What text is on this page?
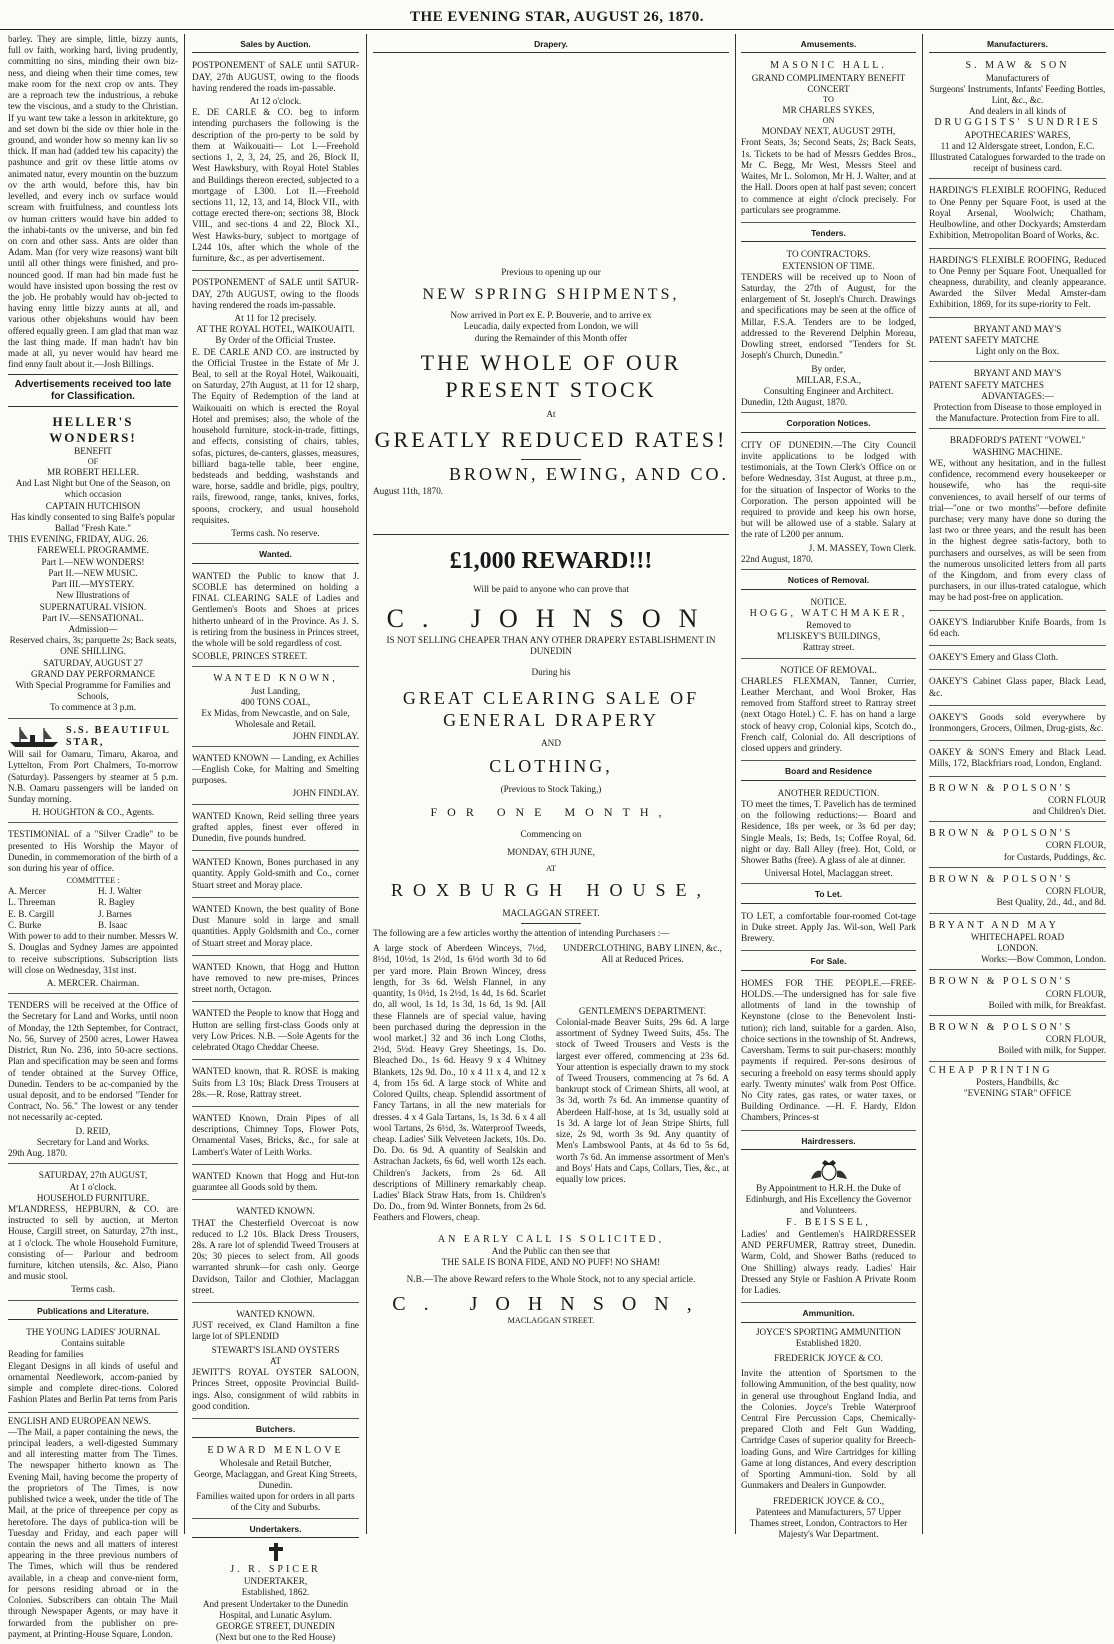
THE EVENING STAR, AUGUST 26, 1870.

barley. They are simple, little, bizzy aunts, full ov faith, working hard, living prudently, committing no sins, minding their own biz-ness, and dieing when their time comes, tew make room for the next crop ov ants. They are a reproach tew the industrious, a rebuke tew the viscious, and a study to the Christian. If yu want tew take a lesson in arkitekture, go and set down bi the side ov thier hole in the ground, and wonder how so menny kan liv so thick. If man had (added tew his capacity) the pashunce and grit ov these little atoms ov animated natur, every mountin on the buzzum ov the arth would, before this, hav bin levelled, and every inch ov surface would scream with fruitfulness, and countless lots ov human critters would have bin added to the inhabi-tants ov the universe, and bin fed on corn and other sass. Ants are older than Adam. Man (for very wize reasons) want bilt until all other things were finished, and pro-nounced good. If man had bin made fust he would have insisted upon bossing the rest ov the job. He probably would hav ob-jected to having enny little bizzy aunts at all, and various other objekshuns would hav been offered equally green. I am glad that man waz the last thing made. If man hadn't hav bin made at all, yu never would hav heard me find enny fault about it.—Josh Billings.

Advertisements received too late for Classification.
HELLER'S WONDERS!
BENEFIT
OF
MR ROBERT HELLER.
And Last Night but One of the Season, on which occasion
CAPTAIN HUTCHISON
Has kindly consented to sing Balfe's popular Ballad "Fresh Kate."
THIS EVENING, FRIDAY, AUG. 26.
FAREWELL PROGRAMME.
Part I.—NEW WONDERS!
Part II.—NEW MUSIC.
Part III.—MYSTERY.
New Illustrations of
SUPERNATURAL VISION.
Part IV.—SENSATIONAL.
Admission—
Reserved chairs, 3s; parquette 2s; Back seats, ONE SHILLING.
SATURDAY, AUGUST 27
GRAND DAY PERFORMANCE
With Special Programme for Families and Schools,
To commence at 3 p.m.
S.S. BEAUTIFUL STAR,

Will sail for Oamaru, Timaru, Akaroa, and Lyttelton, From Port Chalmers, To-morrow (Saturday). Passengers by steamer at 5 p.m. N.B. Oamaru passengers will be landed on Sunday morning.

H. HOUGHTON & CO., Agents.

TESTIMONIAL of a "Silver Cradle" to be presented to His Worship the Mayor of Dunedin, in commemoration of the birth of a son during his year of office.

COMMITTEE :
A. Mercer
L. Threeman
E. B. Cargill
C. Burke
H. J. Walter
R. Bagley
J. Barnes
B. Isaac

With power to add to their number. Messrs W. S. Douglas and Sydney James are appointed to receive subscriptions. Subscription lists will close on Wednesday, 31st inst.

A. MERCER. Chairman.

TENDERS will be received at the Office of the Secretary for Land and Works, until noon of Monday, the 12th September, for Contract, No. 56, Survey of 2500 acres, Lower Hawea District, Run No. 236, into 50-acre sections. Plan and specification may be seen and forms of tender obtained at the Survey Office, Dunedin. Tenders to be ac-companied by the usual deposit, and to be endorsed "Tender for Contract, No. 56." The lowest or any tender not necessarily ac-cepted.

D. REID,
Secretary for Land and Works.
29th Aug. 1870.
SATURDAY, 27th AUGUST,
At 1 o'clock.
HOUSEHOLD FURNITURE.

M'LANDRESS, HEPBURN, & CO. are instructed to sell by auction, at Merton House, Cargill street, on Saturday, 27th inst., at 1 o'clock. The whole Household Furniture, consisting of— Parlour and bedroom furniture, kitchen utensils, &c. Also, Piano and music stool.

Terms cash.
Publications and Literature.
THE YOUNG LADIES' JOURNAL
Contains suitable
Reading for families

Elegant Designs in all kinds of useful and ornamental Needlework, accom-panied by simple and complete direc-tions. Colored Fashion Plates and Berlin Pat terns from Paris

ENGLISH AND EUROPEAN NEWS.

—The Mail, a paper containing the news, the principal leaders, a well-digested Summary and all interesting matter from The Times. The newspaper hitherto known as The Evening Mail, having become the property of the proprietors of The Times, is now published twice a week, under the title of The Mail, at the price of threepence per copy as heretofore. The days of publica-tion will be Tuesday and Friday, and each paper will contain the news and all matters of interest appearing in the three previous numbers of The Times, which will thus be rendered available, in a cheap and conve-nient form, for persons residing abroad or in the Colonies. Subscribers can obtain The Mail through Newspaper Agents, or may have it forwarded from the publisher on pre-payment, at Printing-House Square, London.

Sales by Auction.

POSTPONEMENT of SALE until SATUR-DAY, 27th AUGUST, owing to the floods having rendered the roads im-passable.

At 12 o'clock.

E. DE CARLE & CO. beg to inform intending purchasers the following is the description of the pro-perty to be sold by them at Waikouaiti— Lot I.—Freehold sections 1, 2, 3, 24, 25, and 26, Block II, West Hawksbury, with Royal Hotel Stables and Buildings thereon erected, subjected to a mortgage of L300. Lot II.—Freehold sections 11, 12, 13, and 14, Block VII., with cottage erected there-on; sections 38, Block VIII., and sec-tions 4 and 22, Block XI., West Hawks-bury, subject to mortgage of L244 10s, after which the whole of the furniture, &c., as per advertisement.

POSTPONEMENT of SALE until SATUR-DAY, 27th AUGUST, owing to the floods having rendered the roads im-passable.

At 11 for 12 precisely.
AT THE ROYAL HOTEL, WAIKOUAITI.
By Order of the Official Trustee.

E. DE CARLE AND CO. are instructed by the Official Trustee in the Estate of Mr J. Beal, to sell at the Royal Hotel, Waikouaiti, on Saturday, 27th August, at 11 for 12 sharp, The Equity of Redemption of the land at Waikouaiti on which is erected the Royal Hotel and premises; also, the whole of the household furniture, stock-in-trade, fittings, and effects, consisting of chairs, tables, sofas, pictures, de-canters, glasses, measures, billiard baga-telle table, beer engine, bedsteads and bedding, washstands and ware, horse, saddle and bridle, pigs, poultry, rails, firewood, range, tanks, knives, forks, spoons, crockery, and usual household requisites.

Terms cash. No reserve.
Wanted.

WANTED the Public to know that J. SCOBLE has determined on holding a FINAL CLEARING SALE of Ladies and Gentlemen's Boots and Shoes at prices hitherto unheard of in the Province. As J. S. is retiring from the business in Princes street, the whole will be sold regardless of cost.

SCOBLE, PRINCES STREET.
WANTED KNOWN,
Just Landing,
400 TONS COAL,
Ex Midas, from Newcastle, and on Sale, Wholesale and Retail.
JOHN FINDLAY.

WANTED KNOWN — Landing, ex Achilles—English Coke, for Malting and Smelting purposes.

JOHN FINDLAY.

WANTED Known, Reid selling three years grafted apples, finest ever offered in Dunedin, five pounds hundred.

WANTED Known, Bones purchased in any quantity. Apply Gold-smith and Co., corner Stuart street and Moray place.

WANTED Known, the best quality of Bone Dust Manure sold in large and small quantities. Apply Goldsmith and Co., corner of Stuart street and Moray place.

WANTED Known, that Hogg and Hutton have removed to new pre-mises, Princes street north, Octagon.

WANTED the People to know that Hogg and Hutton are selling first-class Goods only at very Low Prices. N.B. —Sole Agents for the celebrated Otago Cheddar Cheese.

WANTED known, that R. ROSE is making Suits from L3 10s; Black Dress Trousers at 28s.—R. Rose, Rattray street.

WANTED Known, Drain Pipes of all descriptions, Chimney Tops, Flower Pots, Ornamental Vases, Bricks, &c., for sale at Lambert's Water of Leith Works.

WANTED Known that Hogg and Hut-ton guarantee all Goods sold by them.

WANTED KNOWN.

THAT the Chesterfield Overcoat is now reduced to L2 10s. Black Dress Trousers, 28s. A rare lot of splendid Tweed Trousers at 20s; 30 pieces to select from. All goods warranted shrunk—for cash only. George Davidson, Tailor and Clothier, Maclaggan street.

WANTED KNOWN.

JUST received, ex Cland Hamilton a fine large lot of SPLENDID

STEWART'S ISLAND OYSTERS
AT

JEWITT'S ROYAL OYSTER SALOON, Princes Street, opposite Provincial Build-ings. Also, consignment of wild rabbits in good condition.

Butchers.
EDWARD MENLOVE
Wholesale and Retail Butcher,
George, Maclaggan, and Great King Streets, Dunedin.
Families waited upon for orders in all parts of the City and Suburbs.
Undertakers.
J. R. SPICER
UNDERTAKER,
Established, 1862.
And present Undertaker to the Dunedin Hospital, and Lunatic Asylum.
GEORGE STREET, DUNEDIN
(Next but one to the Red House)
Drapery.
Previous to opening up our
NEW SPRING SHIPMENTS,
Now arrived in Port ex E. P. Bouverie, and to arrive ex
Leucadia, daily expected from London, we will
during the Remainder of this Month offer
THE WHOLE OF OUR PRESENT STOCK
At
GREATLY REDUCED RATES!
BROWN, EWING, AND CO.
August 11th, 1870.
£1,000 REWARD!!!
Will be paid to anyone who can prove that
C. JOHNSON
IS NOT SELLING CHEAPER THAN ANY OTHER DRAPERY ESTABLISHMENT IN DUNEDIN
During his
GREAT CLEARING SALE OF GENERAL DRAPERY
AND
CLOTHING,
(Previous to Stock Taking,)
FOR ONE MONTH,
Commencing on
MONDAY, 6TH JUNE,
AT
ROXBURGH HOUSE,
MACLAGGAN STREET.
The following are a few articles worthy the attention of intending Purchasers :—

A large stock of Aberdeen Winceys, 7½d, 8½d, 10½d, 1s 2½d, 1s 6½d worth 3d to 6d per yard more. Plain Brown Wincey, dress length, for 3s 6d. Welsh Flannel, in any quantity, 1s 0½d, 1s 2½d, 1s 4d, 1s 6d. Scarlet do, all wool, 1s 1d, 1s 3d, 1s 6d, 1s 9d. [All these Flannels are of special value, having been purchased during the depression in the wool market.] 32 and 36 inch Long Cloths, 2½d, 5½d. Heavy Grey Sheetings, 1s. Do. Bleached Do., 1s 6d. Heavy 9 x 4 Whitney Blankets, 12s 9d. Do., 10 x 4 11 x 4, and 12 x 4, from 15s 6d. A large stock of White and Colored Quilts, cheap. Splendid assortment of Fancy Tartans, in all the new materials for dresses. 4 x 4 Gala Tartans, 1s, 1s 3d. 6 x 4 all wool Tartans, 2s 6½d, 3s. Waterproof Tweeds, cheap. Ladies' Silk Velveteen Jackets, 10s. Do. Do. Do. 6s 9d. A quantity of Sealskin and Astrachan Jackets, 6s 6d, well worth 12s each. Children's Jackets, from 2s 6d. All descriptions of Millinery remarkably cheap. Ladies' Black Straw Hats, from 1s. Children's Do. Do., from 9d. Winter Bonnets, from 2s 6d. Feathers and Flowers, cheap.

UNDERCLOTHING, BABY LINEN, &c.,
All at Reduced Prices.
GENTLEMEN'S DEPARTMENT.

Colonial-made Beaver Suits, 29s 6d. A large assortment of Sydney Tweed Suits, 45s. The stock of Tweed Trousers and Vests is the largest ever offered, commencing at 23s 6d. Your attention is especially drawn to my stock of Tweed Trousers, commencing at 7s 6d. A bankrupt stock of Crimean Shirts, all wool, at 3s 3d, worth 7s 6d. An immense quantity of Aberdeen Half-hose, at 1s 3d, usually sold at 1s 3d. A large lot of Jean Stripe Shirts, full size, 2s 9d, worth 3s 9d. Any quantity of Men's Lambswool Pants, at 4s 6d to 5s 6d, worth 7s 6d. An immense assortment of Men's and Boys' Hats and Caps, Collars, Ties, &c., at equally low prices.

AN EARLY CALL IS SOLICITED,
And the Public can then see that
THE SALE IS BONA FIDE, AND NO PUFF! NO SHAM!
N.B.—The above Reward refers to the Whole Stock, not to any special article.
C. JOHNSON,
MACLAGGAN STREET.
Amusements.
MASONIC HALL.
GRAND COMPLIMENTARY BENEFIT CONCERT
TO
MR CHARLES SYKES,
ON
MONDAY NEXT, AUGUST 29TH,

Front Seats, 3s; Second Seats, 2s; Back Seats, 1s. Tickets to be had of Messrs Geddes Bros., Mr C. Begg, Mr West, Messrs Steel and Waites, Mr L. Solomon, Mr H. J. Walter, and at the Hall. Doors open at half past seven; concert to commence at eight o'clock precisely. For particulars see programme.

Tenders.
TO CONTRACTORS.
EXTENSION OF TIME.

TENDERS will be received up to Noon of Saturday, the 27th of August, for the enlargement of St. Joseph's Church. Drawings and specifications may be seen at the office of Millar, F.S.A. Tenders are to be lodged, addressed to the Reverend Delphin Moreau, Dowling street, endorsed "Tenders for St. Joseph's Church, Dunedin."

By order,
MILLAR, F.S.A.,
Consulting Engineer and Architect.
Dunedin, 12th August, 1870.
Corporation Notices.

CITY OF DUNEDIN.—The City Council invite applications to be lodged with testimonials, at the Town Clerk's Office on or before Wednesday, 31st August, at three p.m., for the situation of Inspector of Works to the Corporation. The person appointed will be required to provide and keep his own horse, but will be allowed use of a stable. Salary at the rate of L200 per annum.

J. M. MASSEY, Town Clerk.
22nd August, 1870.
Notices of Removal.
NOTICE.
HOGG, WATCHMAKER,
Removed to
M'LISKEY'S BUILDINGS,
Rattray street.
NOTICE OF REMOVAL.

CHARLES FLEXMAN, Tanner, Currier, Leather Merchant, and Wool Broker, Has removed from Stafford street to Rattray street (next Otago Hotel.) C. F. has on hand a large stock of heavy crop, Colonial kips, Scotch do., French calf, Colonial do. All descriptions of closed uppers and grindery.

Board and Residence
ANOTHER REDUCTION.

TO meet the times, T. Pavelich has de termined on the following reductions:— Board and Residence, 18s per week, or 3s 6d per day; Single Meals, 1s; Beds, 1s; Coffee Royal, 6d. night or day. Ball Alley (free). Hot, Cold, or Shower Baths (free). A glass of ale at dinner.

Universal Hotel, Maclaggan street.
To Let.

TO LET, a comfortable four-roomed Cot-tage in Duke street. Apply Jas. Wil-son, Well Park Brewery.

For Sale.

HOMES FOR THE PEOPLE.—FREE-HOLDS.—The undersigned has for sale five allotments of land in the township of Keynstone (close to the Benevolent Insti-tution); rich land, suitable for a garden. Also, choice sections in the township of St. Andrews, Caversham. Terms to suit pur-chasers: monthly payments if required. Per-sons desirous of securing a freehold on easy terms should apply early. Twenty minutes' walk from Post Office. No City rates, gas rates, or water taxes, or Building Ordinance. —H. F. Hardy, Eldon Chambers, Princes-st

Hairdressers.
By Appointment to H.R.H. the Duke of Edinburgh, and His Excellency the Governor and Volunteers.
F. BEISSEL,

Ladies' and Gentlemen's HAIRDRESSER AND PERFUMER, Rattray street, Dunedin. Warm, Cold, and Shower Baths (reduced to One Shilling) always ready. Ladies' Hair Dressed any Style or Fashion A Private Room for Ladies.

Ammunition.
JOYCE'S SPORTING AMMUNITION
Established 1820.
FREDERICK JOYCE & CO.

Invite the attention of Sportsmen to the following Ammunition, of the best quality, now in general use throughout England India, and the Colonies. Joyce's Treble Waterproof Central Fire Percussion Caps, Chemically-prepared Cloth and Felt Gun Wadding, Cartridge Cases of superior quality for Breech-loading Guns, and Wire Cartridges for killing Game at long distances, And every description of Sporting Ammuni-tion. Sold by all Gunmakers and Dealers in Gunpowder.

FREDERICK JOYCE & CO.,
Patentees and Manufacturers, 57 Upper Thames street, London, Contractors to Her Majesty's War Department.
Manufacturers.
S. MAW & SON
Manufacturers of
Surgeons' Instruments, Infants' Feeding Bottles, Lint, &c., &c.
And dealers in all kinds of
DRUGGISTS' SUNDRIES
APOTHECARIES' WARES,
11 and 12 Aldersgate street, London, E.C.
Illustrated Catalogues forwarded to the trade on receipt of business card.

HARDING'S FLEXIBLE ROOFING, Reduced to One Penny per Square Foot, is used at the Royal Arsenal, Woolwich; Chatham, Heulbowline, and other Dockyards; Amsterdam Exhibition, Metropolitan Board of Works, &c.

HARDING'S FLEXIBLE ROOFING, Reduced to One Penny per Square Foot. Unequalled for cheapness, durability, and cleanly appearance. Awarded the Silver Medal Amster-dam Exhibition, 1869, for its supe-riority to Felt.

BRYANT AND MAY'S
PATENT SAFETY MATCHE
Light only on the Box.
BRYANT AND MAY'S
PATENT SAFETY MATCHES
ADVANTAGES:—
Protection from Disease to those employed in the Manufacture. Protection from Fire to all.
BRADFORD'S PATENT "VOWEL" WASHING MACHINE.

WE, without any hesitation, and in the fullest confidence, recommend every housekeeper or housewife, who has the requi-site conveniences, to avail herself of our terms of trial—"one or two months"—before definite purchase; very many have done so during the last two or three years, and the result has been in the highest degree satis-factory, both to purchasers and ourselves, as will be seen from the numerous unsolicited letters from all parts of the Kingdom, and from every class of purchasers, in our illus-trated catalogue, which may be had post-free on application.

OAKEY'S Indiarubber Knife Boards, from 1s 6d each.

OAKEY'S Emery and Glass Cloth.

OAKEY'S Cabinet Glass paper, Black Lead, &c.

OAKEY'S Goods sold everywhere by Ironmongers, Grocers, Oilmen, Drug-gists, &c.

OAKEY & SON'S Emery and Black Lead. Mills, 172, Blackfriars road, London, England.

BROWN & POLSON'S
CORN FLOUR
and Children's Diet.
BROWN & POLSON'S
CORN FLOUR,
for Custards, Puddings, &c.
BROWN & POLSON'S
CORN FLOUR,
Best Quality, 2d., 4d., and 8d.
BRYANT AND MAY
WHITECHAPEL ROAD
LONDON.
Works:—Bow Common, London.
BROWN & POLSON'S
CORN FLOUR,
Boiled with milk, for Breakfast.
BROWN & POLSON'S
CORN FLOUR,
Boiled with milk, for Supper.
CHEAP PRINTING
Posters, Handbills, &c
"EVENING STAR" OFFICE
